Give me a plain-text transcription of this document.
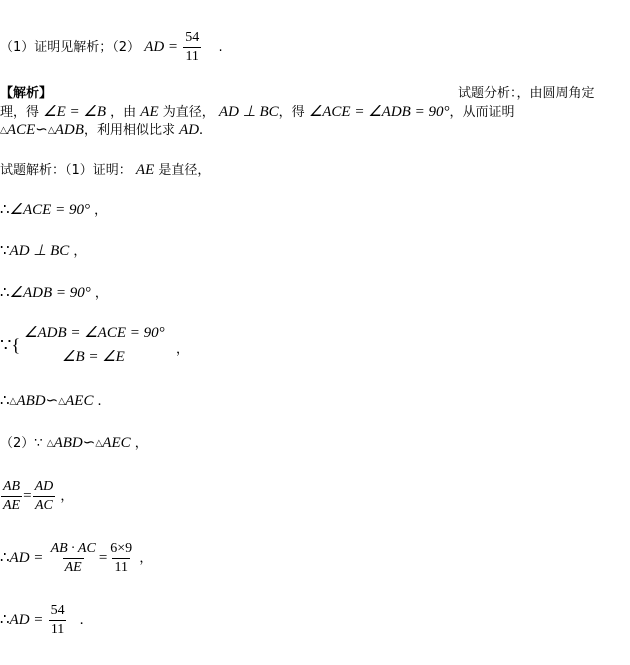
（1）证明见解析；（2） AD = $\frac{54}{11}$ .
【解析】	试题分析：，由圆周角定
理，得 ∠E = ∠B ，由 AE 为直径， AD ⊥ BC，得 ∠ACE = ∠ADB = 90°，从而证明
△ACE∽△ADB，利用相似比求 AD.
试题解析：（1）证明： AE 是直径，
∴∠ACE = 90° ，
∵AD ⊥ BC ，
∴∠ADB = 90° ，
∵{
∠ADB = ∠ACE = 90°
∠B = ∠E	，
∴△ABD∽△AEC .
（2）∵ △ABD∽△AEC ，
$\frac{AB}{AE} = \frac{AD}{AC}$ ，
∴AD = $\frac{AB \cdot AC}{AE} = \frac{6\times 9}{11}$ ，
∴AD = $\frac{54}{11}$ .
